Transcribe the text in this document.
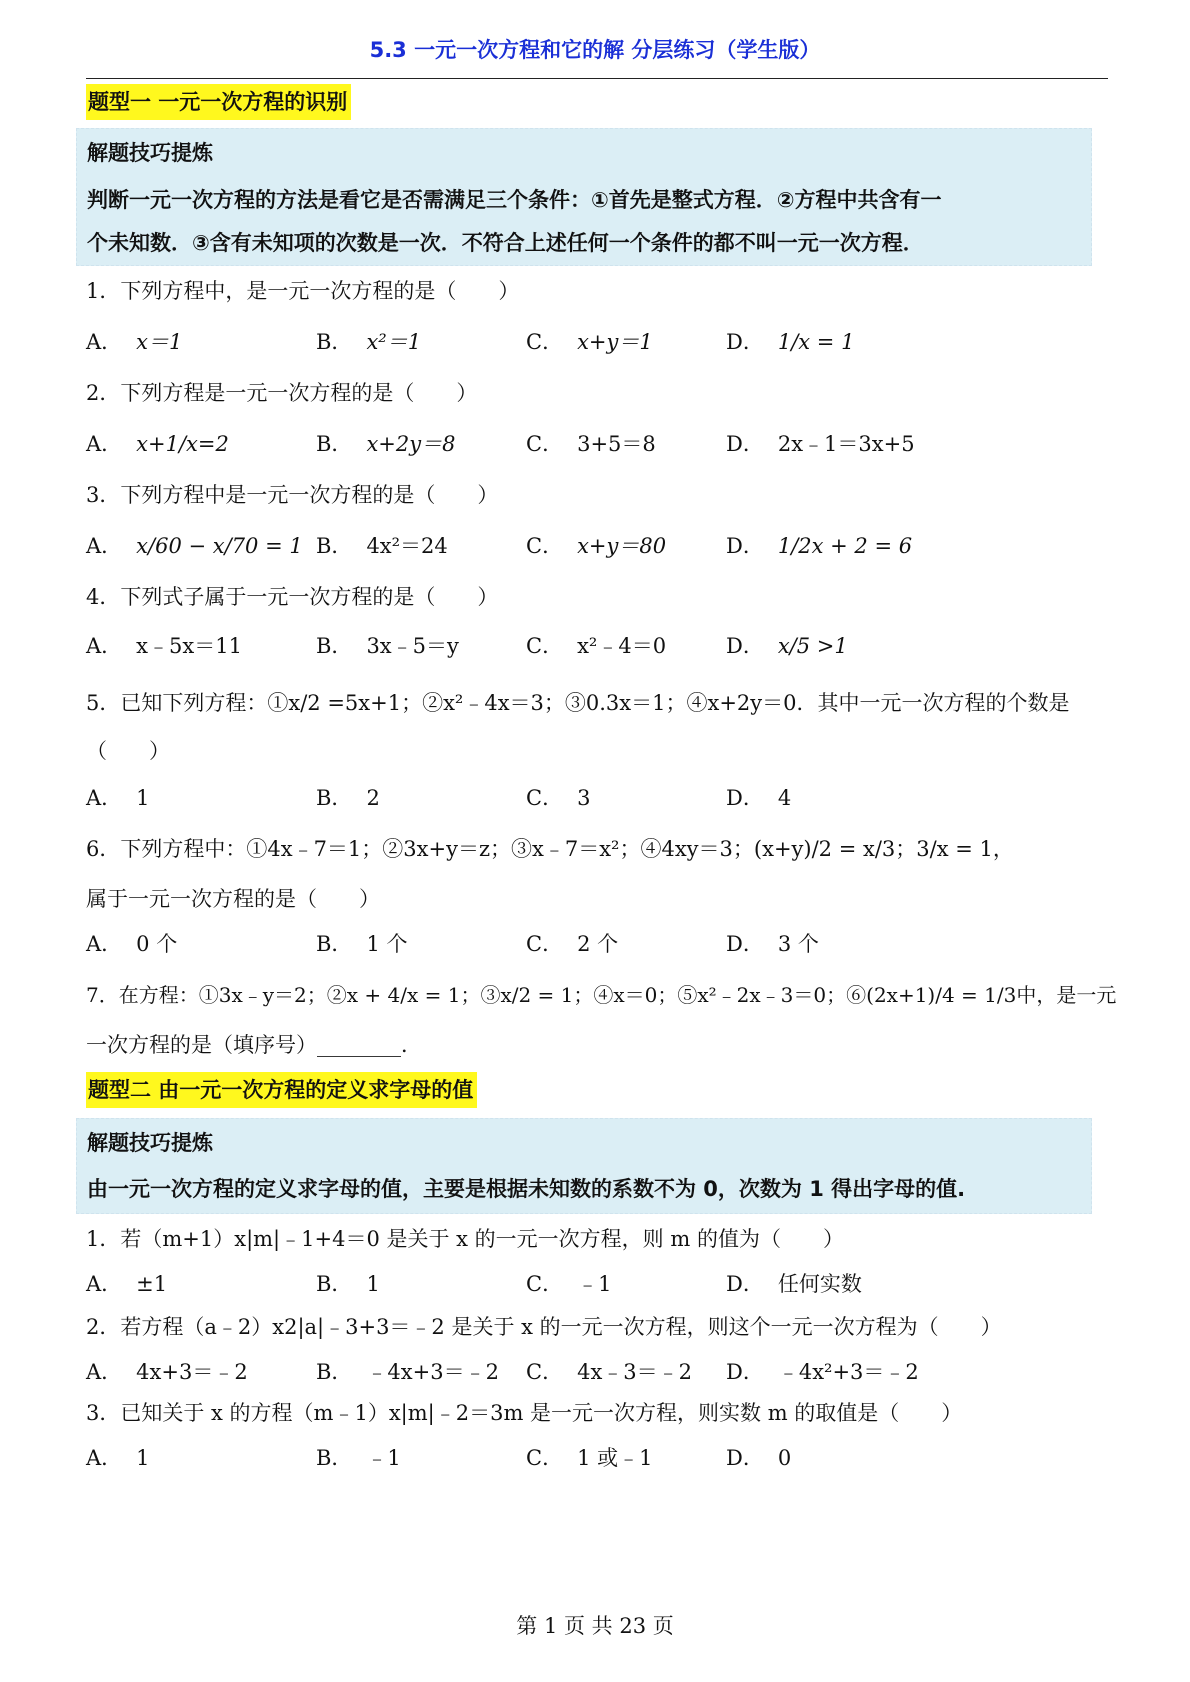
5.3 一元一次方程和它的解 分层练习（学生版）
题型一 一元一次方程的识别
解题技巧提炼
判断一元一次方程的方法是看它是否需满足三个条件：①首先是整式方程．②方程中共含有一
个未知数．③含有未知项的次数是一次．不符合上述任何一个条件的都不叫一元一次方程．
1．下列方程中，是一元一次方程的是（　　）
A． x＝1	B． x²＝1	C． x+y＝1	D． 1/x = 1
2．下列方程是一元一次方程的是（　　）
A． x+1/x=2	B． x+2y＝8	C． 3+5＝8	D． 2x﹣1＝3x+5
3．下列方程中是一元一次方程的是（　　）
A． x/60 − x/70 = 1 B． 4x²＝24	C． x+y＝80	D． 1/2x + 2 = 6
4．下列式子属于一元一次方程的是（　　）
A． x﹣5x＝11	B． 3x﹣5＝y	C． x²﹣4＝0	D． x/5 >1
5．已知下列方程：①x/2 =5x+1；②x²﹣4x＝3；③0.3x＝1；④x+2y＝0．其中一元一次方程的个数是
（　　）
A． 1	B． 2	C． 3	D． 4
6．下列方程中：①4x﹣7＝1；②3x+y＝z；③x﹣7＝x²；④4xy＝3；(x+y)/2 = x/3；3/x = 1，
属于一元一次方程的是（　　）
A． 0 个	B． 1 个	C． 2 个	D． 3 个
7．在方程：①3x﹣y＝2；②x + 4/x = 1；③x/2 = 1；④x＝0；⑤x²﹣2x﹣3＝0；⑥(2x+1)/4 = 1/3中，是一元
一次方程的是（填序号）________．
题型二 由一元一次方程的定义求字母的值
解题技巧提炼
由一元一次方程的定义求字母的值，主要是根据未知数的系数不为 0，次数为 1 得出字母的值.
1．若（m+1）x|m|﹣1+4＝0 是关于 x 的一元一次方程，则 m 的值为（　　）
A． ±1	B． 1	C． ﹣1	D． 任何实数
2．若方程（a﹣2）x2|a|﹣3+3＝﹣2 是关于 x 的一元一次方程，则这个一元一次方程为（　　）
A． 4x+3＝﹣2	B． ﹣4x+3＝﹣2 C． 4x﹣3＝﹣2 D． ﹣4x²+3＝﹣2
3．已知关于 x 的方程（m﹣1）x|m|﹣2＝3m 是一元一次方程，则实数 m 的取值是（　　）
A． 1	B． ﹣1	C． 1 或﹣1	D． 0
第 1 页 共 23 页
